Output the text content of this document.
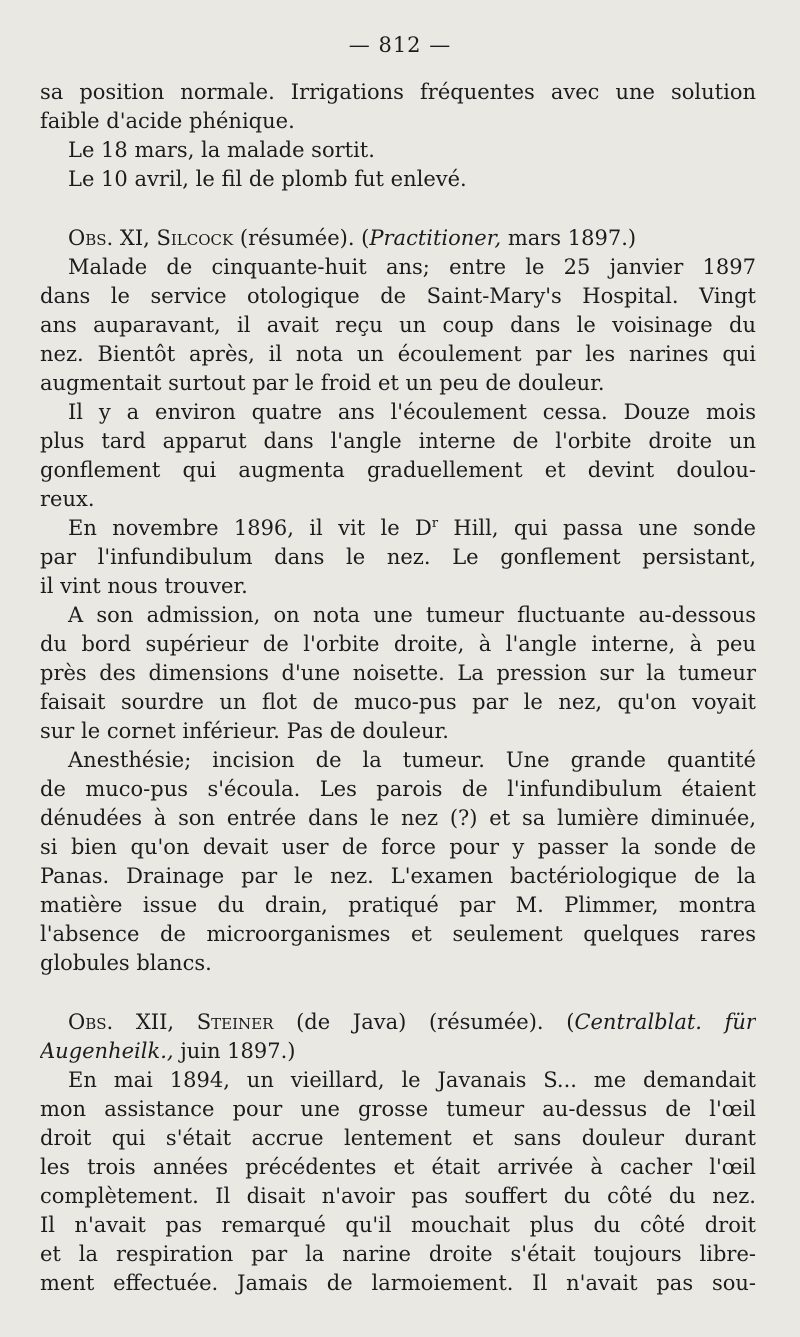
— 812 —
sa position normale. Irrigations fréquentes avec une solution
faible d'acide phénique.
Le 18 mars, la malade sortit.
Le 10 avril, le fil de plomb fut enlevé.
Obs. XI, Silcock (résumée). (Practitioner, mars 1897.)
Malade de cinquante-huit ans; entre le 25 janvier 1897
dans le service otologique de Saint-Mary's Hospital. Vingt
ans auparavant, il avait reçu un coup dans le voisinage du
nez. Bientôt après, il nota un écoulement par les narines qui
augmentait surtout par le froid et un peu de douleur.
Il y a environ quatre ans l'écoulement cessa. Douze mois
plus tard apparut dans l'angle interne de l'orbite droite un
gonflement qui augmenta graduellement et devint doulou-
reux.
En novembre 1896, il vit le $D^r$ Hill, qui passa une sonde
par l'infundibulum dans le nez. Le gonflement persistant,
il vint nous trouver.
A son admission, on nota une tumeur fluctuante au-dessous
du bord supérieur de l'orbite droite, à l'angle interne, à peu
près des dimensions d'une noisette. La pression sur la tumeur
faisait sourdre un flot de muco-pus par le nez, qu'on voyait
sur le cornet inférieur. Pas de douleur.
Anesthésie; incision de la tumeur. Une grande quantité
de muco-pus s'écoula. Les parois de l'infundibulum étaient
dénudées à son entrée dans le nez (?) et sa lumière diminuée,
si bien qu'on devait user de force pour y passer la sonde de
Panas. Drainage par le nez. L'examen bactériologique de la
matière issue du drain, pratiqué par M. Plimmer, montra
l'absence de microorganismes et seulement quelques rares
globules blancs.
Obs. XII, Steiner (de Java) (résumée). (Centralblat. für
Augenheilk., juin 1897.)
En mai 1894, un vieillard, le Javanais S... me demandait
mon assistance pour une grosse tumeur au-dessus de l'œil
droit qui s'était accrue lentement et sans douleur durant
les trois années précédentes et était arrivée à cacher l'œil
complètement. Il disait n'avoir pas souffert du côté du nez.
Il n'avait pas remarqué qu'il mouchait plus du côté droit
et la respiration par la narine droite s'était toujours libre-
ment effectuée. Jamais de larmoiement. Il n'avait pas sou-
